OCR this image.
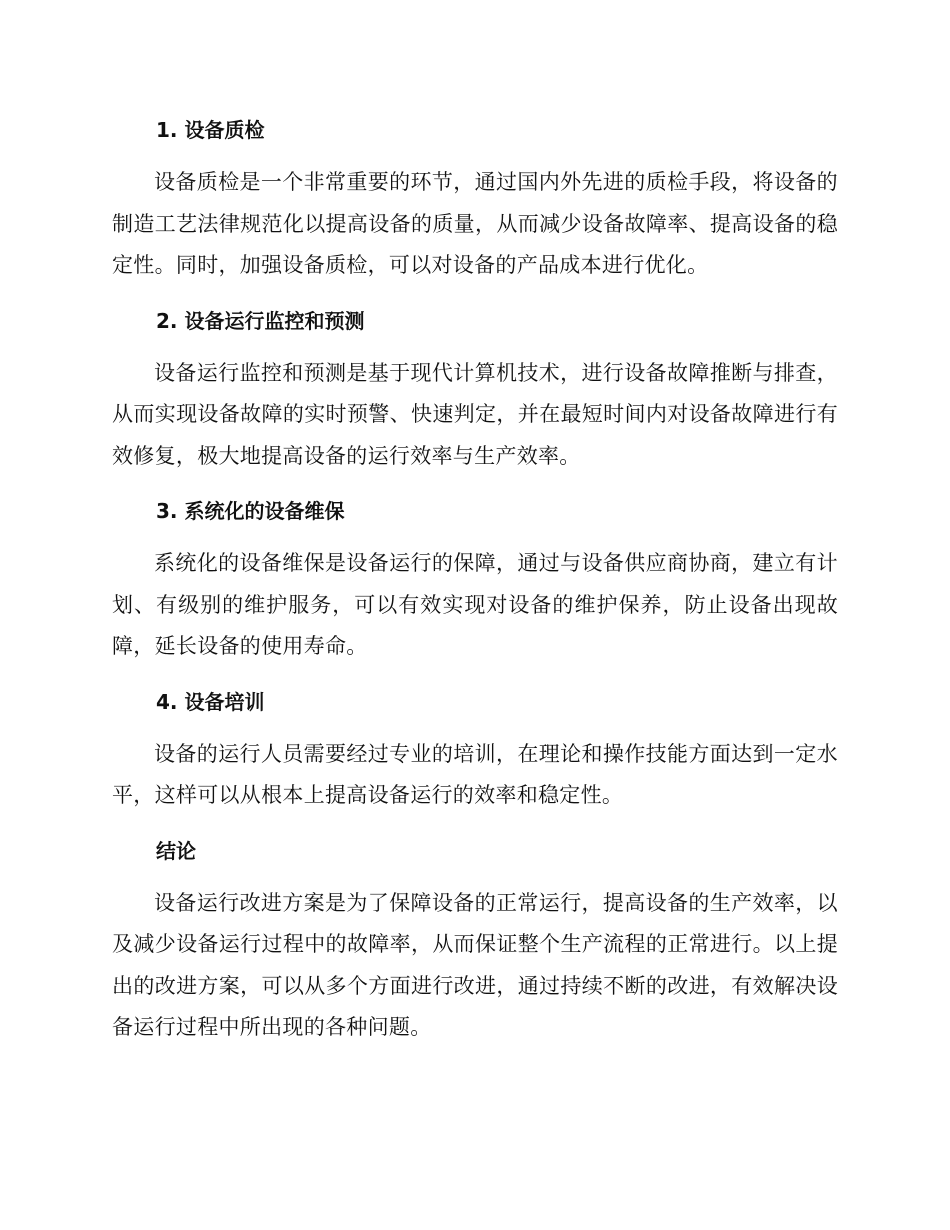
1. 设备质检

设备质检是一个非常重要的环节，通过国内外先进的质检手段，将设备的制造工艺法律规范化以提高设备的质量，从而减少设备故障率、提高设备的稳定性。同时，加强设备质检，可以对设备的产品成本进行优化。

2. 设备运行监控和预测

设备运行监控和预测是基于现代计算机技术，进行设备故障推断与排查，从而实现设备故障的实时预警、快速判定，并在最短时间内对设备故障进行有效修复，极大地提高设备的运行效率与生产效率。

3. 系统化的设备维保

系统化的设备维保是设备运行的保障，通过与设备供应商协商，建立有计划、有级别的维护服务，可以有效实现对设备的维护保养，防止设备出现故障，延长设备的使用寿命。

4. 设备培训

设备的运行人员需要经过专业的培训，在理论和操作技能方面达到一定水平，这样可以从根本上提高设备运行的效率和稳定性。

结论

设备运行改进方案是为了保障设备的正常运行，提高设备的生产效率，以及减少设备运行过程中的故障率，从而保证整个生产流程的正常进行。以上提出的改进方案，可以从多个方面进行改进，通过持续不断的改进，有效解决设备运行过程中所出现的各种问题。
